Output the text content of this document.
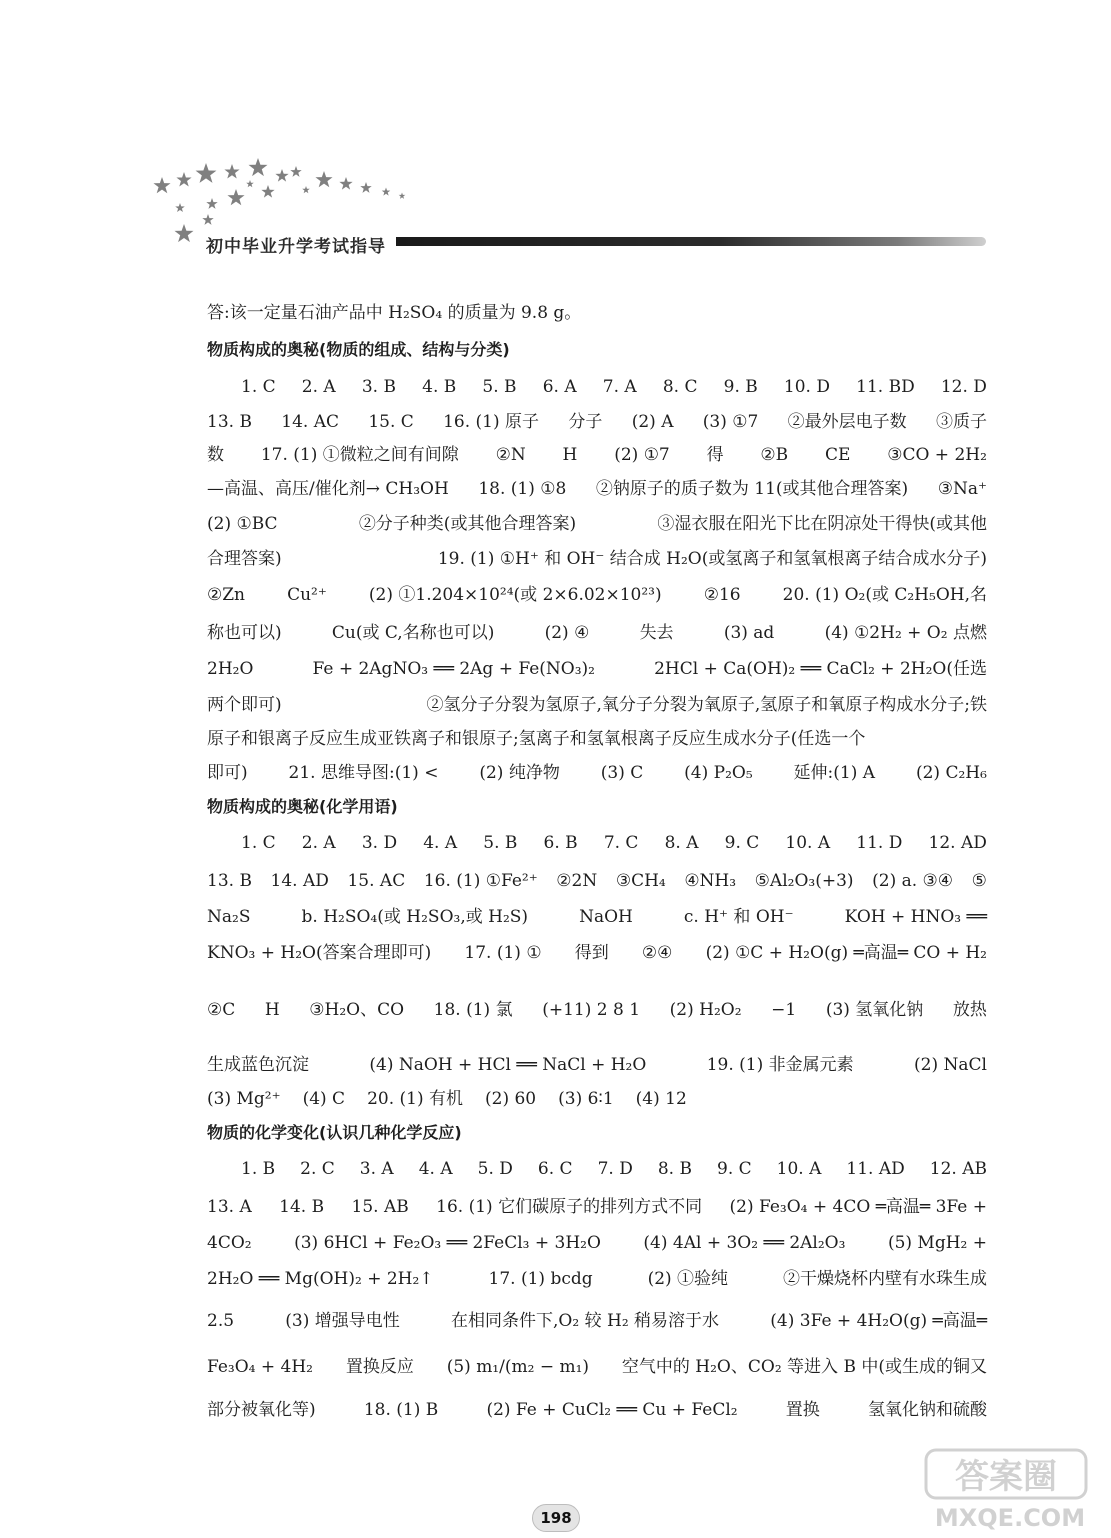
初中毕业升学考试指导
答:该一定量石油产品中 H₂SO₄ 的质量为 9.8 g。
物质构成的奥秘(物质的组成、结构与分类)
1. C 2. A 3. B 4. B 5. B 6. A 7. A 8. C 9. B 10. D 11. BD 12. D
13. B 14. AC 15. C 16. (1) 原子 分子 (2) A (3) ①7 ②最外层电子数 ③质子
数 17. (1) ①微粒之间有间隙 ②N H (2) ①7 得 ②B CE ③CO + 2H₂
—高温、高压/催化剂→ CH₃OH 18. (1) ①8 ②钠原子的质子数为 11(或其他合理答案) ③Na⁺
(2) ①BC	②分子种类(或其他合理答案)	③湿衣服在阳光下比在阴凉处干得快(或其他
合理答案)	19. (1) ①H⁺ 和 OH⁻ 结合成 H₂O(或氢离子和氢氧根离子结合成水分子)
②Zn Cu²⁺ (2) ①1.204×10²⁴(或 2×6.02×10²³) ②16 20. (1) O₂(或 C₂H₅OH,名
称也可以)	Cu(或 C,名称也可以)	(2) ④	失去	(3) ad	(4) ①2H₂ + O₂ 点燃
2H₂O	Fe + 2AgNO₃ ══ 2Ag + Fe(NO₃)₂	2HCl + Ca(OH)₂ ══ CaCl₂ + 2H₂O(任选
两个即可)	②氢分子分裂为氢原子,氧分子分裂为氧原子,氢原子和氧原子构成水分子;铁
原子和银离子反应生成亚铁离子和银原子;氢离子和氢氧根离子反应生成水分子(任选一个
即可) 21. 思维导图:(1) < (2) 纯净物 (3) C (4) P₂O₅ 延伸:(1) A (2) C₂H₆
物质构成的奥秘(化学用语)
1. C 2. A 3. D 4. A 5. B 6. B 7. C 8. A 9. C 10. A 11. D 12. AD
13. B 14. AD 15. AC 16. (1) ①Fe²⁺ ②2N ③CH₄ ④NH₃ ⑤Al₂O₃(+3) (2) a. ③④ ⑤
Na₂S	b. H₂SO₄(或 H₂SO₃,或 H₂S)	NaOH	c. H⁺ 和 OH⁻	KOH + HNO₃ ══
KNO₃ + H₂O(答案合理即可) 17. (1) ① 得到 ②④ (2) ①C + H₂O(g) ═高温═ CO + H₂
②C H ③H₂O、CO 18. (1) 氯 (+11) 2 8 1 (2) H₂O₂ −1 (3) 氢氧化钠 放热
生成蓝色沉淀	(4) NaOH + HCl ══ NaCl + H₂O	19. (1) 非金属元素	(2) NaCl
(3) Mg²⁺ (4) C 20. (1) 有机 (2) 60 (3) 6∶1 (4) 12
物质的化学变化(认识几种化学反应)
1. B 2. C 3. A 4. A 5. D 6. C 7. D 8. B 9. C 10. A 11. AD 12. AB
13. A 14. B 15. AB 16. (1) 它们碳原子的排列方式不同 (2) Fe₃O₄ + 4CO ═高温═ 3Fe +
4CO₂	(3) 6HCl + Fe₂O₃ ══ 2FeCl₃ + 3H₂O	(4) 4Al + 3O₂ ══ 2Al₂O₃	(5) MgH₂ +
2H₂O ══ Mg(OH)₂ + 2H₂↑	17. (1) bcdg	(2) ①验纯	②干燥烧杯内壁有水珠生成
2.5	(3) 增强导电性	在相同条件下,O₂ 较 H₂ 稍易溶于水	(4) 3Fe + 4H₂O(g) ═高温═
Fe₃O₄ + 4H₂ 置换反应 (5) m₁/(m₂ − m₁) 空气中的 H₂O、CO₂ 等进入 B 中(或生成的铜又
部分被氧化等)	18. (1) B	(2) Fe + CuCl₂ ══ Cu + FeCl₂	置换	氢氧化钠和硫酸
198
答案圈
MXQE.COM
